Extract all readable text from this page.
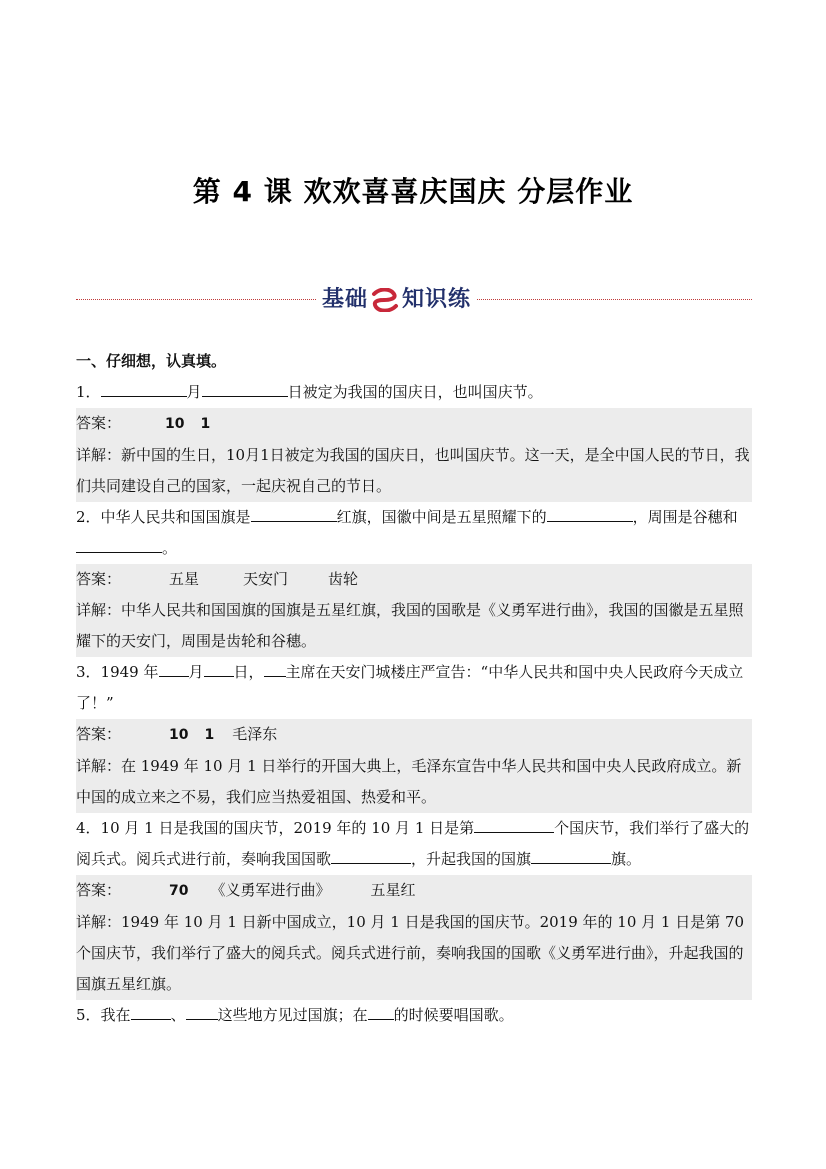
第 4 课 欢欢喜喜庆国庆 分层作业
基础 知识练
一、仔细想，认真填。
1．	月	日被定为我国的国庆日，也叫国庆节。
答案：	10 1
详解：新中国的生日，10月1日被定为我国的国庆日，也叫国庆节。这一天，是全中国人民的节日，我们共同建设自己的国家，一起庆祝自己的节日。
2．中华人民共和国国旗是	红旗，国徽中间是五星照耀下的	，周围是谷穗和。
答案：	五星	天安门	齿轮
详解：中华人民共和国国旗的国旗是五星红旗，我国的国歌是《义勇军进行曲》，我国的国徽是五星照耀下的天安门，周围是齿轮和谷穗。
3．1949 年 月 日， 主席在天安门城楼庄严宣告：“中华人民共和国中央人民政府今天成立了！”
答案：	10 1 毛泽东
详解：在 1949 年 10 月 1 日举行的开国大典上，毛泽东宣告中华人民共和国中央人民政府成立。新中国的成立来之不易，我们应当热爱祖国、热爱和平。
4．10 月 1 日是我国的国庆节，2019 年的 10 月 1 日是第	个国庆节，我们举行了盛大的阅兵式。阅兵式进行前，奏响我国国歌	，升起我国的国旗	旗。
答案：	70 《义勇军进行曲》	五星红
详解：1949 年 10 月 1 日新中国成立，10 月 1 日是我国的国庆节。2019 年的 10 月 1 日是第 70 个国庆节，我们举行了盛大的阅兵式。阅兵式进行前，奏响我国的国歌《义勇军进行曲》，升起我国的国旗五星红旗。
5．我在	、 这些地方见过国旗；在 的时候要唱国歌。
